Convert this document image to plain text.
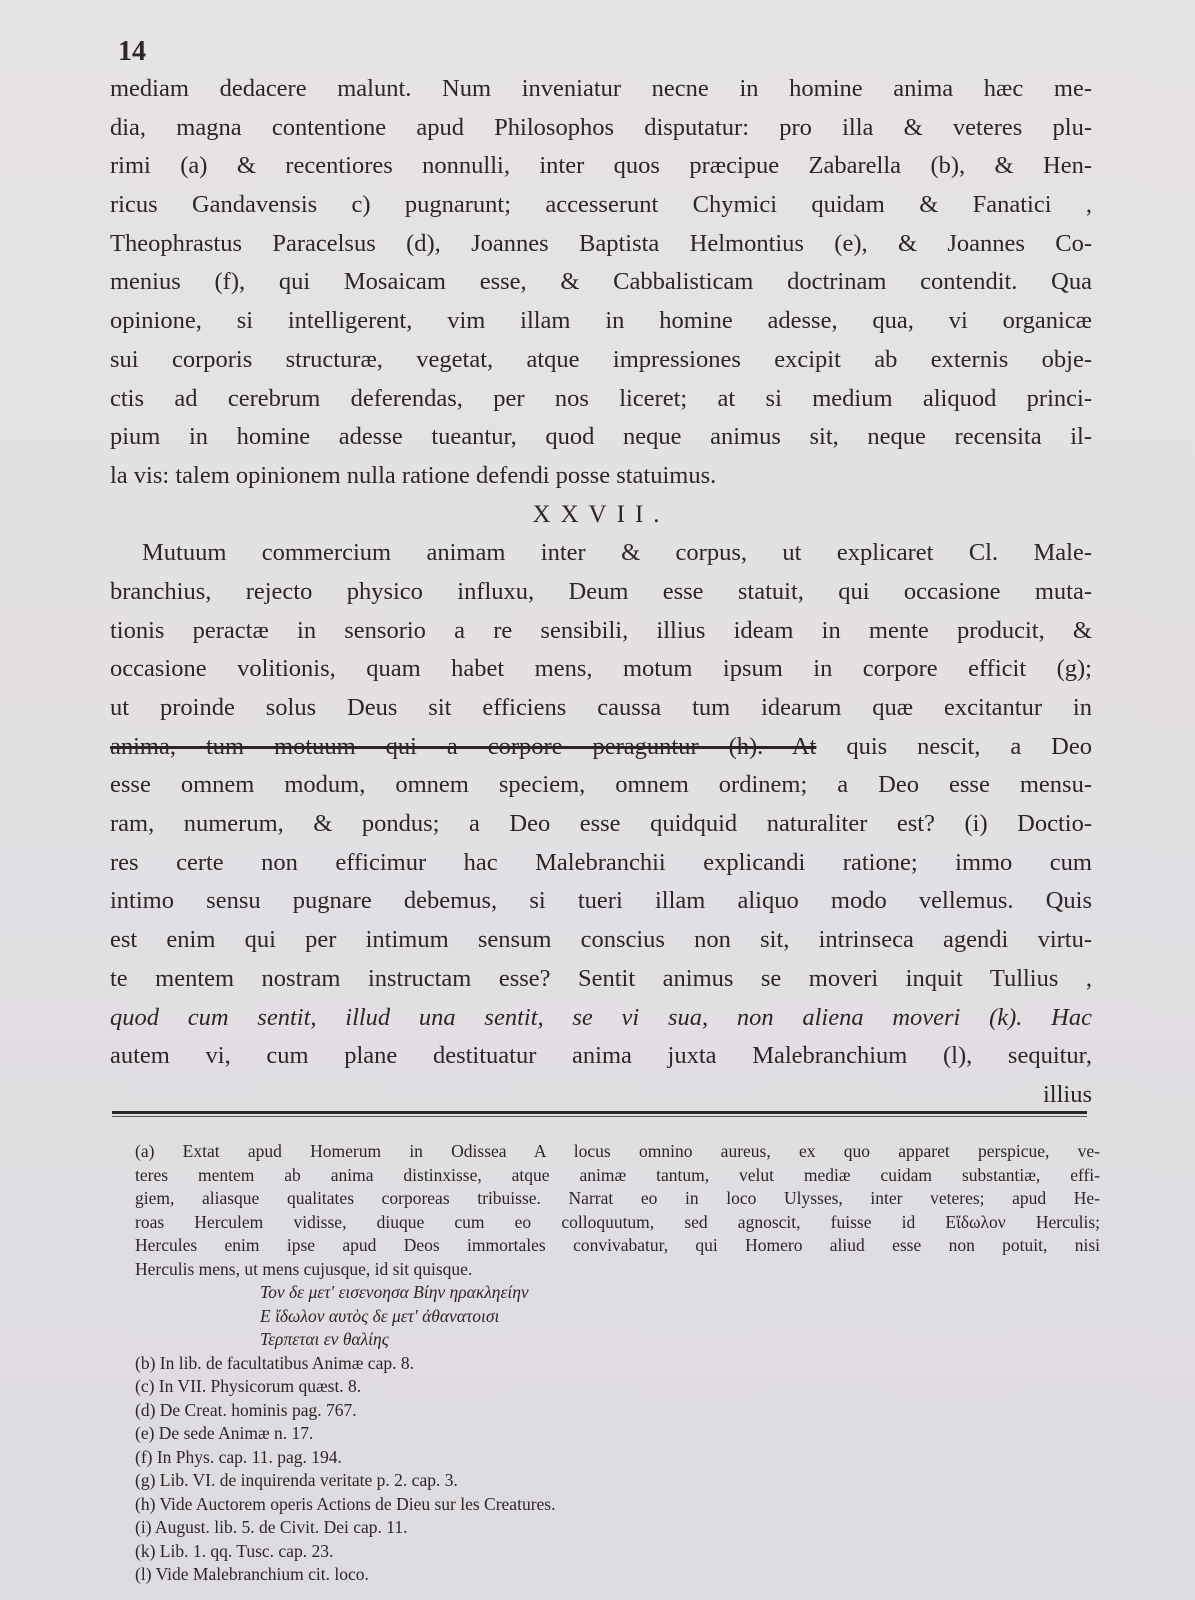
14
mediam dedacere malunt. Num inveniatur necne in homine anima hæc me-
dia, magna contentione apud Philosophos disputatur: pro illa & veteres plu-
rimi (a) & recentiores nonnulli, inter quos præcipue Zabarella (b), & Hen-
ricus Gandavensis c) pugnarunt; accesserunt Chymici quidam & Fanatici ,
Theophrastus Paracelsus (d), Joannes Baptista Helmontius (e), & Joannes Co-
menius (f), qui Mosaicam esse, & Cabbalisticam doctrinam contendit. Qua
opinione, si intelligerent, vim illam in homine adesse, qua, vi organicæ
sui corporis structuræ, vegetat, atque impressiones excipit ab externis obje-
ctis ad cerebrum deferendas, per nos liceret; at si medium aliquod princi-
pium in homine adesse tueantur, quod neque animus sit, neque recensita il-
la vis: talem opinionem nulla ratione defendi posse statuimus.
XXVII.
Mutuum commercium animam inter & corpus, ut explicaret Cl. Male-
branchius, rejecto physico influxu, Deum esse statuit, qui occasione muta-
tionis peractæ in sensorio a re sensibili, illius ideam in mente producit, &
occasione volitionis, quam habet mens, motum ipsum in corpore efficit (g);
ut proinde solus Deus sit efficiens caussa tum idearum quæ excitantur in
anima, tum motuum qui a corpore peraguntur (h). At quis nescit, a Deo
esse omnem modum, omnem speciem, omnem ordinem; a Deo esse mensu-
ram, numerum, & pondus; a Deo esse quidquid naturaliter est? (i) Doctio-
res certe non efficimur hac Malebranchii explicandi ratione; immo cum
intimo sensu pugnare debemus, si tueri illam aliquo modo vellemus. Quis
est enim qui per intimum sensum conscius non sit, intrinseca agendi virtu-
te mentem nostram instructam esse? Sentit animus se moveri inquit Tullius ,
quod cum sentit, illud una sentit, se vi sua, non aliena moveri (k). Hac
autem vi, cum plane destituatur anima juxta Malebranchium (l), sequitur,
illius
(a) Extat apud Homerum in Odissea A locus omnino aureus, ex quo apparet perspicue, ve-
teres mentem ab anima distinxisse, atque animæ tantum, velut mediæ cuidam substantiæ, effi-
giem, aliasque qualitates corporeas tribuisse. Narrat eo in loco Ulysses, inter veteres; apud He-
roas Herculem vidisse, diuque cum eo colloquutum, sed agnoscit, fuisse id Εἴδωλον Herculis;
Hercules enim ipse apud Deos immortales convivabatur, qui Homero aliud esse non potuit, nisi
Herculis mens, ut mens cujusque, id sit quisque.
Τον δε μετ' εισενοησα Βίην ηρακληείην
Ε ἴδωλον αυτὸς δε μετ' ἀθανατοισι
Τερπεται εν θαλίης
(b) In lib. de facultatibus Animæ cap. 8.
(c) In VII. Physicorum quæst. 8.
(d) De Creat. hominis pag. 767.
(e) De sede Animæ n. 17.
(f) In Phys. cap. 11. pag. 194.
(g) Lib. VI. de inquirenda veritate p. 2. cap. 3.
(h) Vide Auctorem operis Actions de Dieu sur les Creatures.
(i) August. lib. 5. de Civit. Dei cap. 11.
(k) Lib. 1. qq. Tusc. cap. 23.
(l) Vide Malebranchium cit. loco.
